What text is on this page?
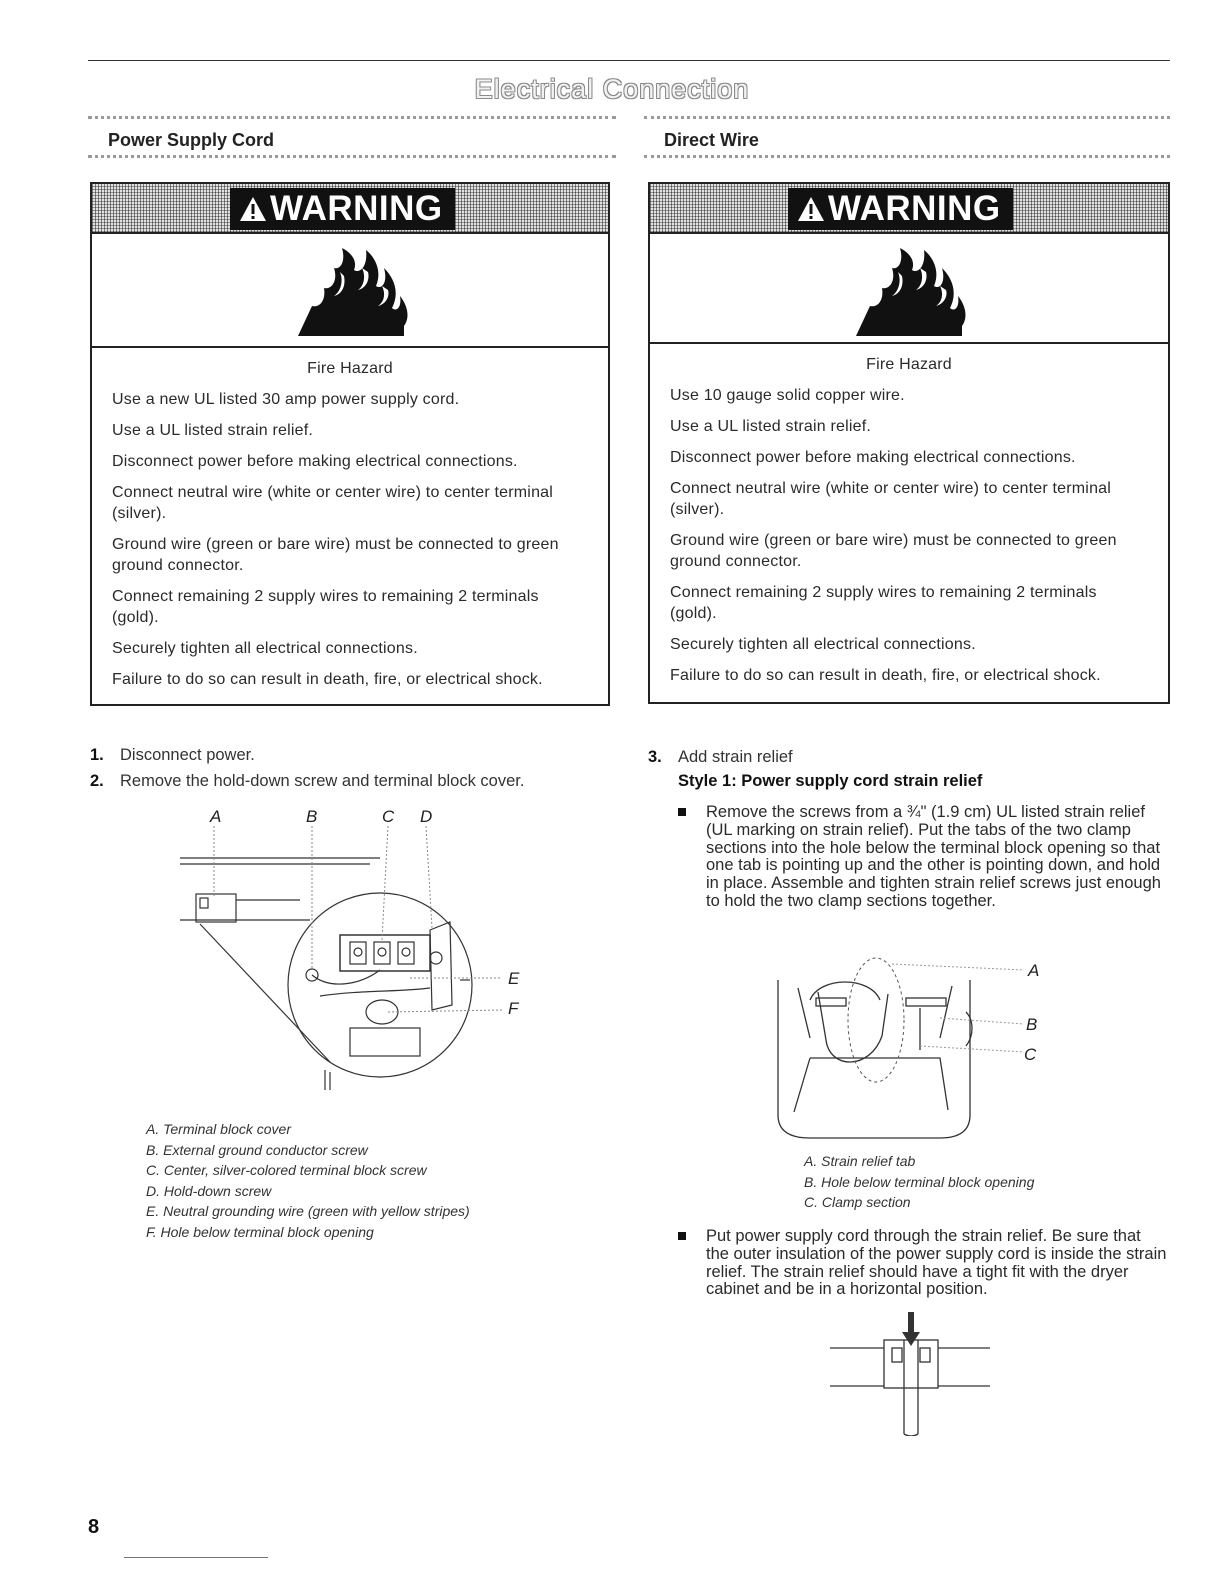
Electrical Connection
Power Supply Cord	Direct Wire
WARNING
Fire Hazard

Use a new UL listed 30 amp power supply cord.

Use a UL listed strain relief.

Disconnect power before making electrical connections.

Connect neutral wire (white or center wire) to center terminal (silver).

Ground wire (green or bare wire) must be connected to green ground connector.

Connect remaining 2 supply wires to remaining 2 terminals (gold).

Securely tighten all electrical connections.

Failure to do so can result in death, fire, or electrical shock.

WARNING
Fire Hazard

Use 10 gauge solid copper wire.

Use a UL listed strain relief.

Disconnect power before making electrical connections.

Connect neutral wire (white or center wire) to center terminal (silver).

Ground wire (green or bare wire) must be connected to green ground connector.

Connect remaining 2 supply wires to remaining 2 terminals (gold).

Securely tighten all electrical connections.

Failure to do so can result in death, fire, or electrical shock.

1. Disconnect power.
2. Remove the hold-down screw and terminal block cover.
A	B	C D
E
F
A. Terminal block cover
B. External ground conductor screw
C. Center, silver-colored terminal block screw
D. Hold-down screw
E. Neutral grounding wire (green with yellow stripes)
F. Hole below terminal block opening
3. Add strain relief
Style 1: Power supply cord strain relief
Remove the screws from a ¾" (1.9 cm) UL listed strain relief (UL marking on strain relief). Put the tabs of the two clamp sections into the hole below the terminal block opening so that one tab is pointing up and the other is pointing down, and hold in place. Assemble and tighten strain relief screws just enough to hold the two clamp sections together.
A
B
C
A. Strain relief tab
B. Hole below terminal block opening
C. Clamp section
Put power supply cord through the strain relief. Be sure that the outer insulation of the power supply cord is inside the strain relief. The strain relief should have a tight fit with the dryer cabinet and be in a horizontal position.
8
